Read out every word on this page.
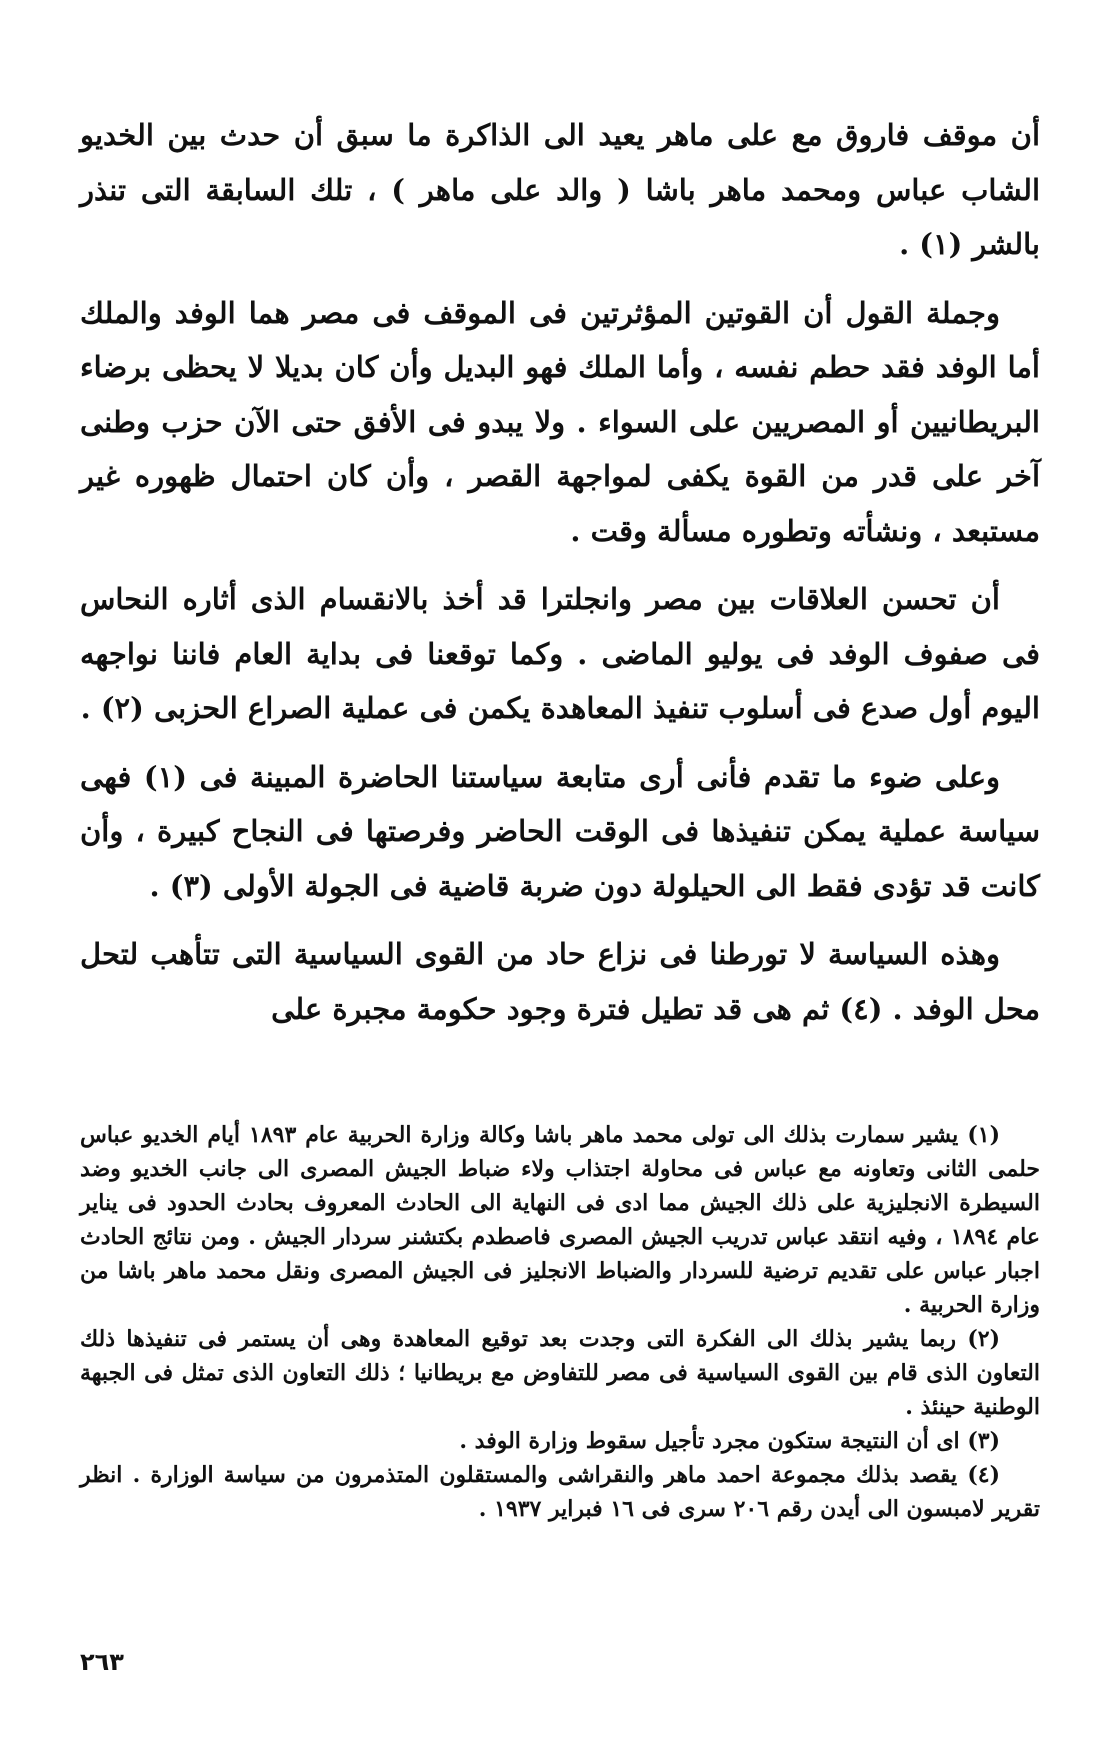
أن موقف فاروق مع على ماهر يعيد الى الذاكرة ما سبق أن حدث بين الخديو الشاب عباس ومحمد ماهر باشا ( والد على ماهر ) ، تلك السابقة التى تنذر بالشر (١) .

وجملة القول أن القوتين المؤثرتين فى الموقف فى مصر هما الوفد والملك أما الوفد فقد حطم نفسه ، وأما الملك فهو البديل وأن كان بديلا لا يحظى برضاء البريطانيين أو المصريين على السواء . ولا يبدو فى الأفق حتى الآن حزب وطنى آخر على قدر من القوة يكفى لمواجهة القصر ، وأن كان احتمال ظهوره غير مستبعد ، ونشأته وتطوره مسألة وقت .

أن تحسن العلاقات بين مصر وانجلترا قد أخذ بالانقسام الذى أثاره النحاس فى صفوف الوفد فى يوليو الماضى . وكما توقعنا فى بداية العام فاننا نواجهه اليوم أول صدع فى أسلوب تنفيذ المعاهدة يكمن فى عملية الصراع الحزبى (٢) .

وعلى ضوء ما تقدم فأنى أرى متابعة سياستنا الحاضرة المبينة فى (١) فهى سياسة عملية يمكن تنفيذها فى الوقت الحاضر وفرصتها فى النجاح كبيرة ، وأن كانت قد تؤدى فقط الى الحيلولة دون ضربة قاضية فى الجولة الأولى (٣) .

وهذه السياسة لا تورطنا فى نزاع حاد من القوى السياسية التى تتأهب لتحل محل الوفد . (٤) ثم هى قد تطيل فترة وجود حكومة مجبرة على

(١) يشير سمارت بذلك الى تولى محمد ماهر باشا وكالة وزارة الحربية عام ١٨٩٣ أيام الخديو عباس حلمى الثانى وتعاونه مع عباس فى محاولة اجتذاب ولاء ضباط الجيش المصرى الى جانب الخديو وضد السيطرة الانجليزية على ذلك الجيش مما ادى فى النهاية الى الحادث المعروف بحادث الحدود فى يناير عام ١٨٩٤ ، وفيه انتقد عباس تدريب الجيش المصرى فاصطدم بكتشنر سردار الجيش . ومن نتائج الحادث اجبار عباس على تقديم ترضية للسردار والضباط الانجليز فى الجيش المصرى ونقل محمد ماهر باشا من وزارة الحربية .

(٢) ربما يشير بذلك الى الفكرة التى وجدت بعد توقيع المعاهدة وهى أن يستمر فى تنفيذها ذلك التعاون الذى قام بين القوى السياسية فى مصر للتفاوض مع بريطانيا ؛ ذلك التعاون الذى تمثل فى الجبهة الوطنية حينئذ .

(٣) اى أن النتيجة ستكون مجرد تأجيل سقوط وزارة الوفد .

(٤) يقصد بذلك مجموعة احمد ماهر والنقراشى والمستقلون المتذمرون من سياسة الوزارة . انظر تقرير لامبسون الى أيدن رقم ٢٠٦ سرى فى ١٦ فبراير ١٩٣٧ .

٢٦٣
